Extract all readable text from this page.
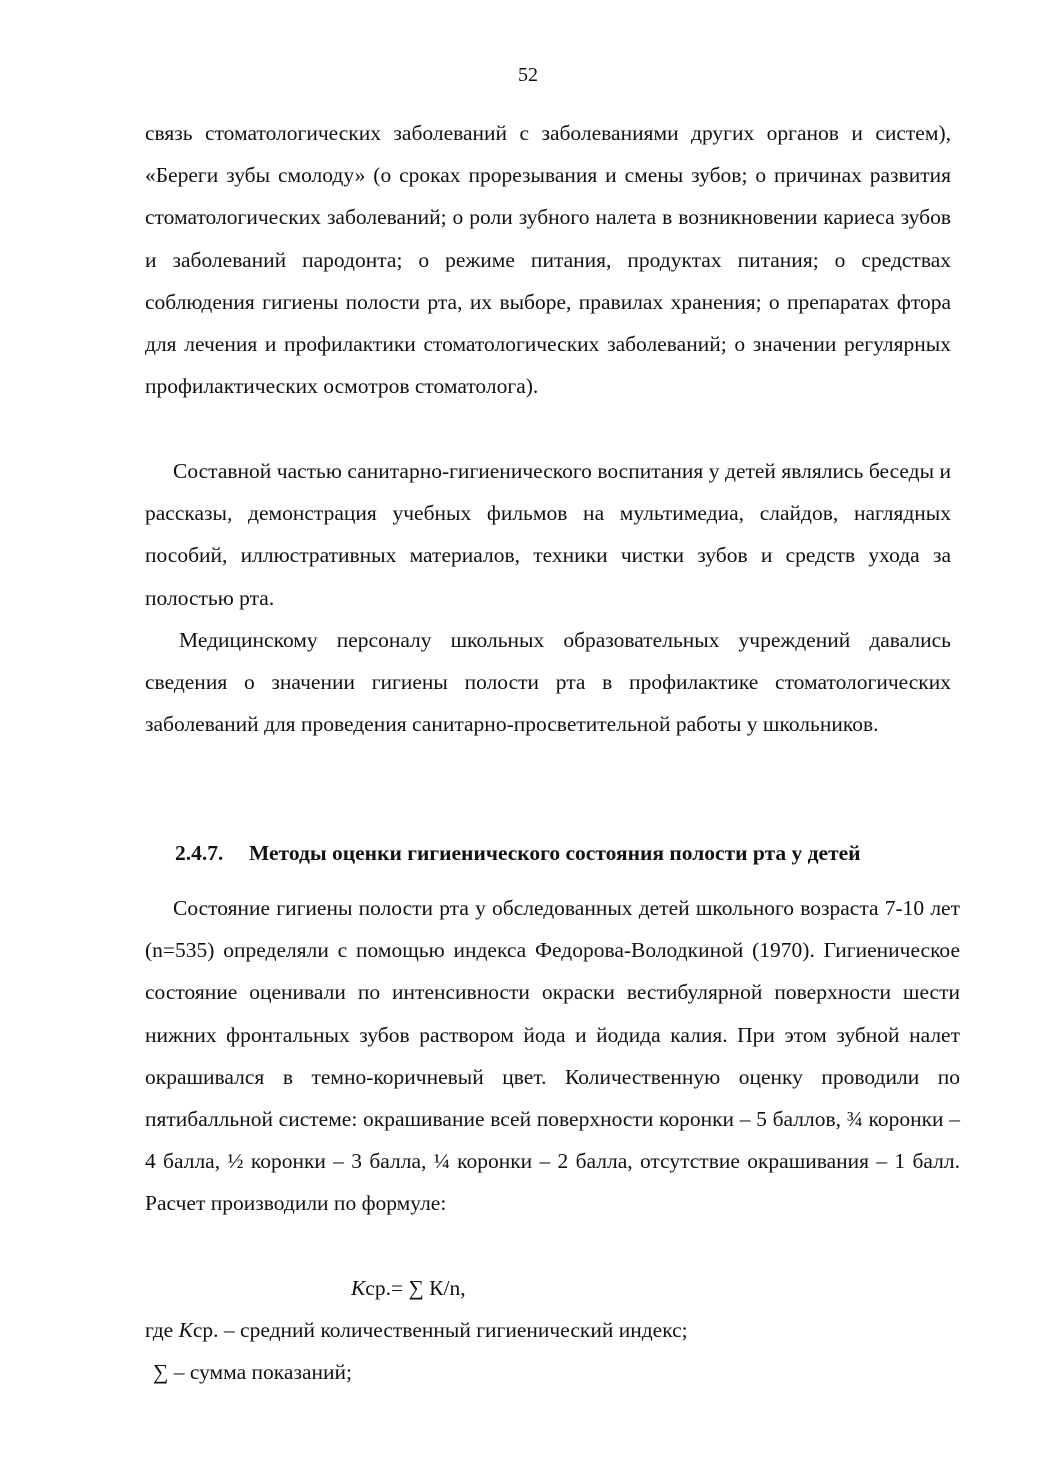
52

связь стоматологических заболеваний с заболеваниями других органов и систем), «Береги зубы смолоду» (о сроках прорезывания и смены зубов; о причинах развития стоматологических заболеваний; о роли зубного налета в возникновении кариеса зубов и заболеваний пародонта; о режиме питания, продуктах питания; о средствах соблюдения гигиены полости рта, их выборе, правилах хранения; о препаратах фтора для лечения и профилактики стоматологических заболеваний; о значении регулярных профилактических осмотров стоматолога).

Составной частью санитарно-гигиенического воспитания у детей являлись беседы и рассказы, демонстрация учебных фильмов на мультимедиа, слайдов, наглядных пособий, иллюстративных материалов, техники чистки зубов и средств ухода за полостью рта.

Медицинскому персоналу школьных образовательных учреждений давались сведения о значении гигиены полости рта в профилактике стоматологических заболеваний для проведения санитарно-просветительной работы у школьников.

2.4.7. Методы оценки гигиенического состояния полости рта у детей

Состояние гигиены полости рта у обследованных детей школьного возраста 7-10 лет (n=535) определяли с помощью индекса Федорова-Володкиной (1970). Гигиеническое состояние оценивали по интенсивности окраски вестибулярной поверхности шести нижних фронтальных зубов раствором йода и йодида калия. При этом зубной налет окрашивался в темно-коричневый цвет. Количественную оценку проводили по пятибалльной системе: окрашивание всей поверхности коронки – 5 баллов, ¾ коронки – 4 балла, ½ коронки – 3 балла, ¼ коронки – 2 балла, отсутствие окрашивания – 1 балл. Расчет производили по формуле:

Кср.= ∑ К/n,
где Кср. – средний количественный гигиенический индекс;
∑ – сумма показаний;
